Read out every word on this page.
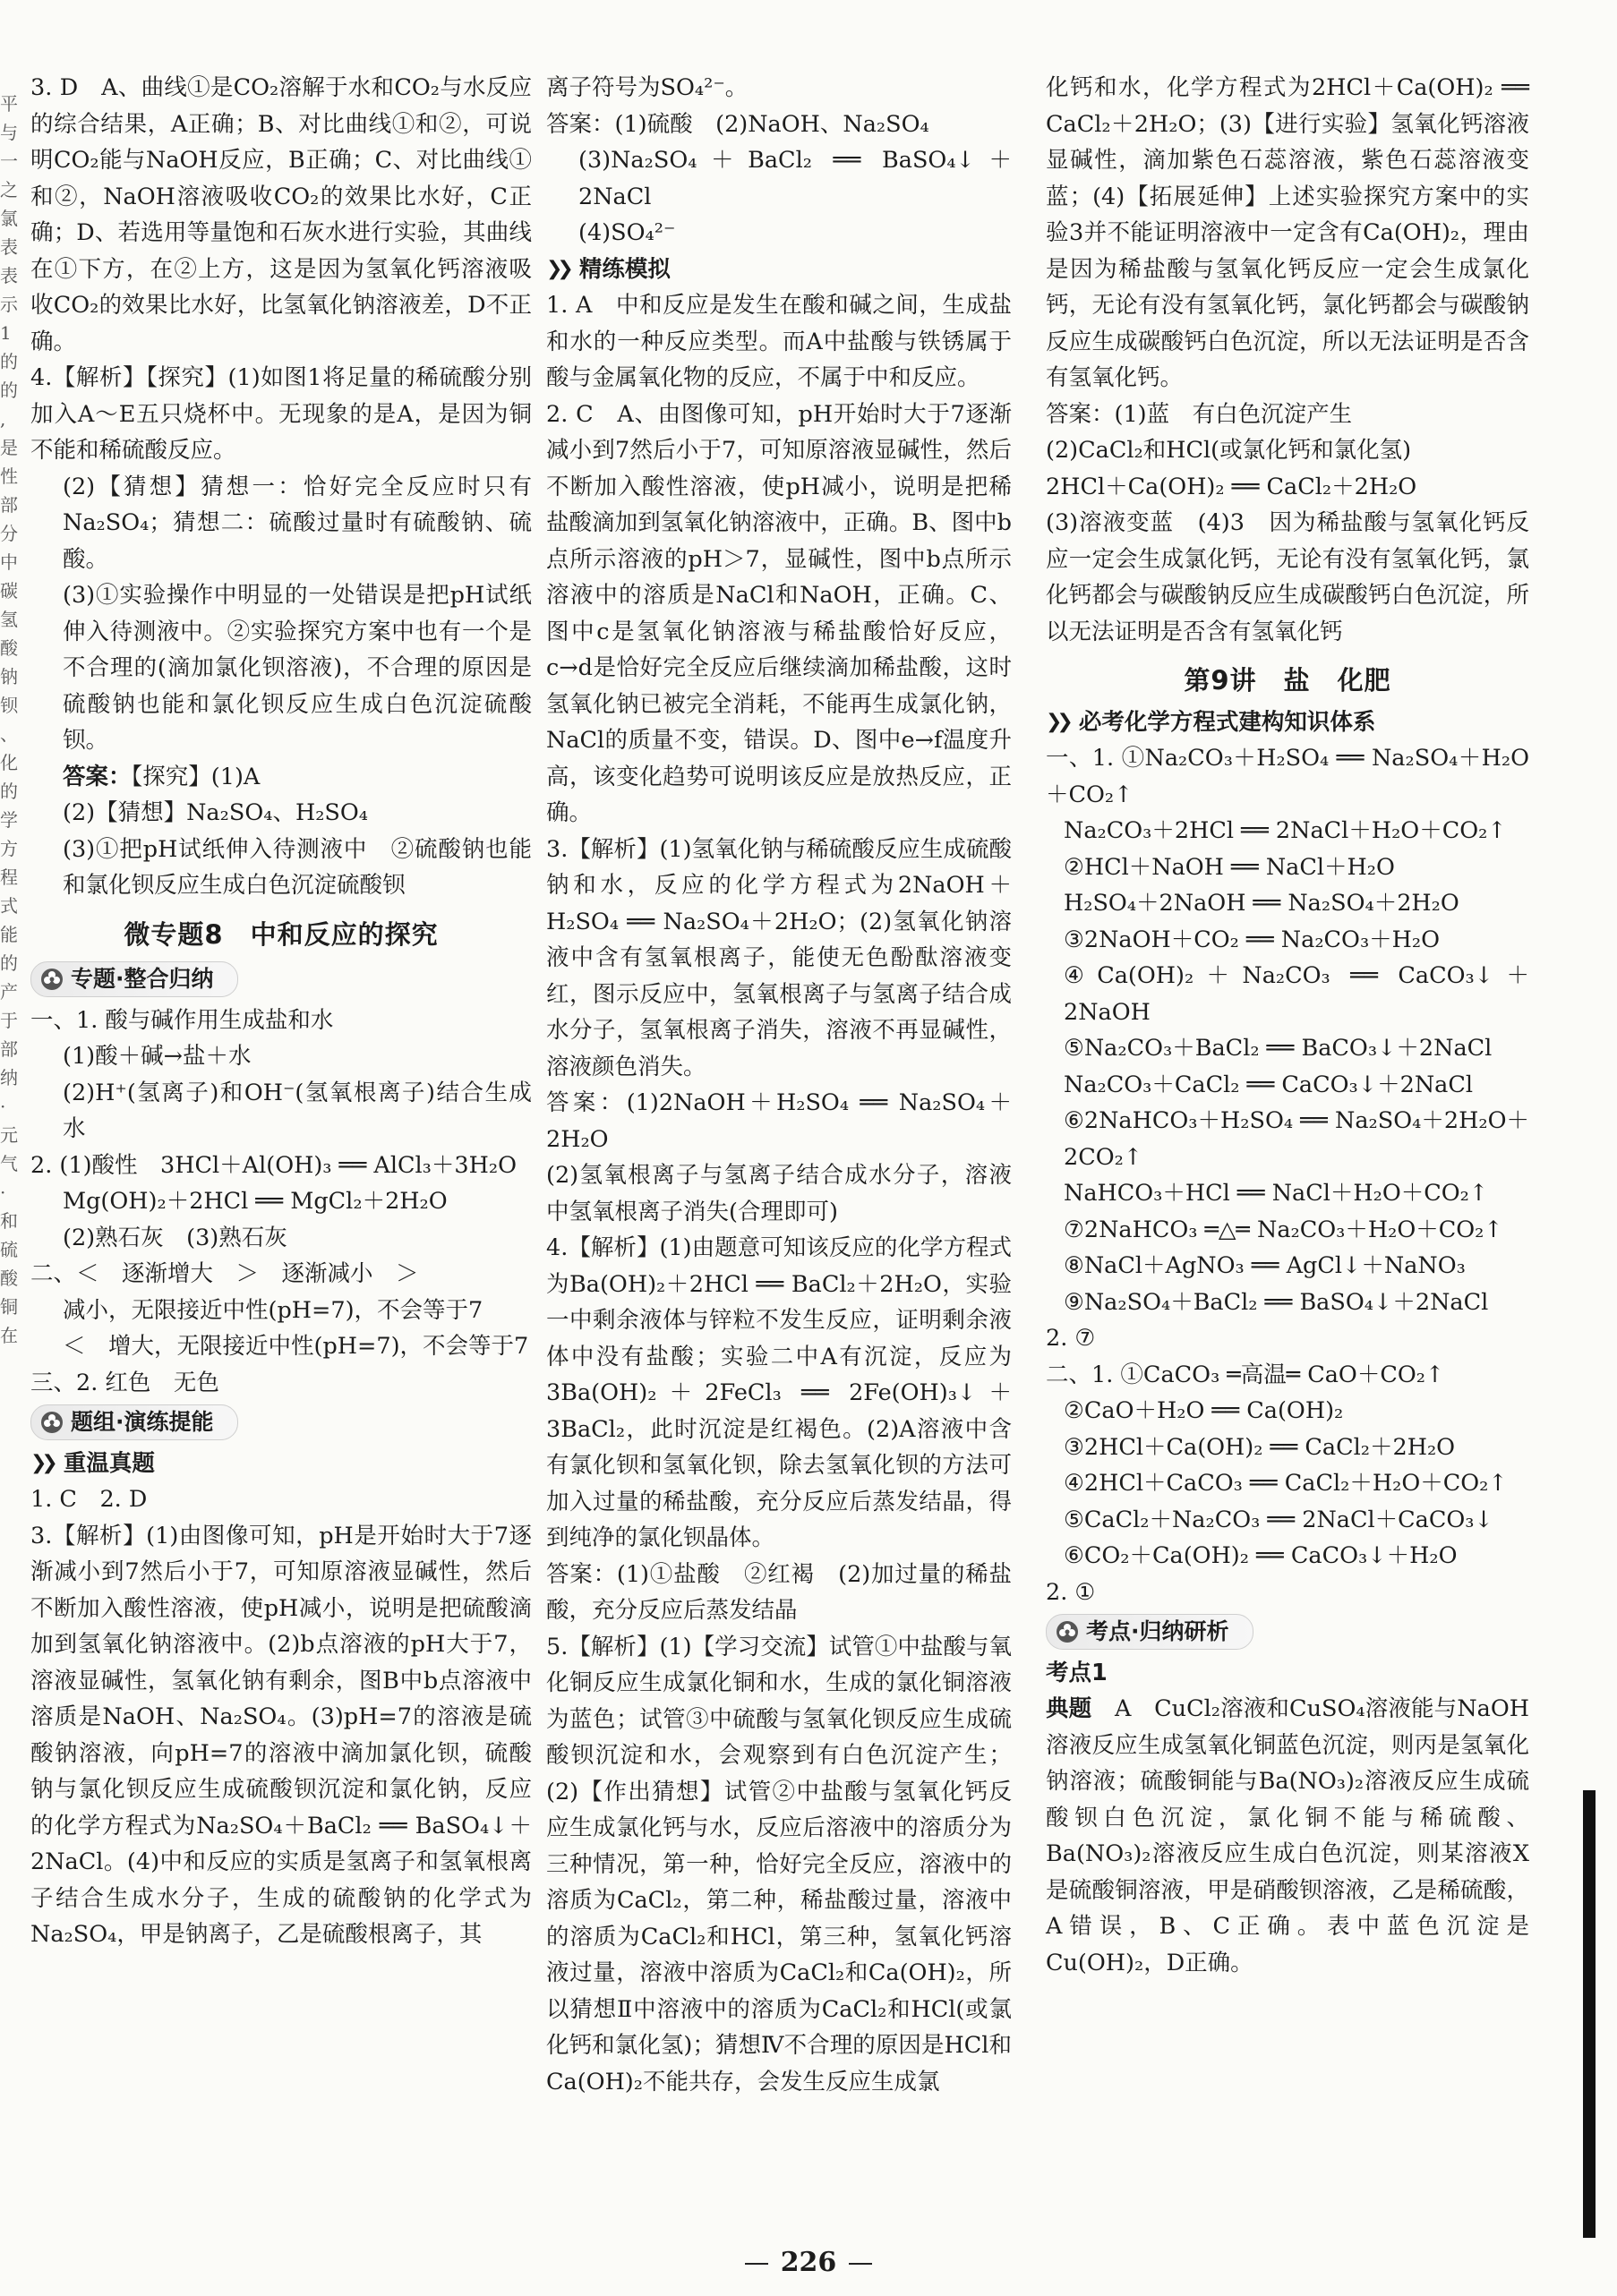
平 与 一 之 氯 表 表 示 1 的 的 , 是 性 部 分 中 碳 氢 酸 钠 钡 、 化 的 学 方 程 式 能 的 产 于 部 纳 · 元 气 · 和 硫 酸 铜 在

3. D　A、曲线①是CO₂溶解于水和CO₂与水反应的综合结果，A正确；B、对比曲线①和②，可说明CO₂能与NaOH反应，B正确；C、对比曲线①和②，NaOH溶液吸收CO₂的效果比水好，C正确；D、若选用等量饱和石灰水进行实验，其曲线在①下方，在②上方，这是因为氢氧化钙溶液吸收CO₂的效果比水好，比氢氧化钠溶液差，D不正确。

4.【解析】【探究】(1)如图1将足量的稀硫酸分别加入A～E五只烧杯中。无现象的是A，是因为铜不能和稀硫酸反应。

(2)【猜想】猜想一：恰好完全反应时只有Na₂SO₄；猜想二：硫酸过量时有硫酸钠、硫酸。

(3)①实验操作中明显的一处错误是把pH试纸伸入待测液中。②实验探究方案中也有一个是不合理的(滴加氯化钡溶液)，不合理的原因是硫酸钠也能和氯化钡反应生成白色沉淀硫酸钡。

答案：【探究】(1)A

(2)【猜想】Na₂SO₄、H₂SO₄

(3)①把pH试纸伸入待测液中　②硫酸钠也能和氯化钡反应生成白色沉淀硫酸钡

微专题8　中和反应的探究
专题·整合归纳

一、1. 酸与碱作用生成盐和水

(1)酸＋碱→盐＋水

(2)H⁺(氢离子)和OH⁻(氢氧根离子)结合生成水

2. (1)酸性　3HCl＋Al(OH)₃ ══ AlCl₃＋3H₂O

Mg(OH)₂＋2HCl ══ MgCl₂＋2H₂O

(2)熟石灰　(3)熟石灰

二、＜　逐渐增大　＞　逐渐减小　＞

减小，无限接近中性(pH=7)，不会等于7

＜　增大，无限接近中性(pH=7)，不会等于7

三、2. 红色　无色

题组·演练提能
❯❯ 重温真题

1. C　2. D

3.【解析】(1)由图像可知，pH是开始时大于7逐渐减小到7然后小于7，可知原溶液显碱性，然后不断加入酸性溶液，使pH减小，说明是把硫酸滴加到氢氧化钠溶液中。(2)b点溶液的pH大于7，溶液显碱性，氢氧化钠有剩余，图B中b点溶液中溶质是NaOH、Na₂SO₄。(3)pH=7的溶液是硫酸钠溶液，向pH=7的溶液中滴加氯化钡，硫酸钠与氯化钡反应生成硫酸钡沉淀和氯化钠，反应的化学方程式为Na₂SO₄＋BaCl₂ ══ BaSO₄↓＋2NaCl。(4)中和反应的实质是氢离子和氢氧根离子结合生成水分子，生成的硫酸钠的化学式为Na₂SO₄，甲是钠离子，乙是硫酸根离子，其

离子符号为SO₄²⁻。

答案：(1)硫酸　(2)NaOH、Na₂SO₄

(3)Na₂SO₄＋BaCl₂ ══ BaSO₄↓＋2NaCl

(4)SO₄²⁻

❯❯ 精练模拟

1. A　中和反应是发生在酸和碱之间，生成盐和水的一种反应类型。而A中盐酸与铁锈属于酸与金属氧化物的反应，不属于中和反应。

2. C　A、由图像可知，pH开始时大于7逐渐减小到7然后小于7，可知原溶液显碱性，然后不断加入酸性溶液，使pH减小，说明是把稀盐酸滴加到氢氧化钠溶液中，正确。B、图中b点所示溶液的pH＞7，显碱性，图中b点所示溶液中的溶质是NaCl和NaOH，正确。C、图中c是氢氧化钠溶液与稀盐酸恰好反应，c→d是恰好完全反应后继续滴加稀盐酸，这时氢氧化钠已被完全消耗，不能再生成氯化钠，NaCl的质量不变，错误。D、图中e→f温度升高，该变化趋势可说明该反应是放热反应，正确。

3.【解析】(1)氢氧化钠与稀硫酸反应生成硫酸钠和水，反应的化学方程式为2NaOH＋H₂SO₄ ══ Na₂SO₄＋2H₂O；(2)氢氧化钠溶液中含有氢氧根离子，能使无色酚酞溶液变红，图示反应中，氢氧根离子与氢离子结合成水分子，氢氧根离子消失，溶液不再显碱性，溶液颜色消失。

答案：(1)2NaOH＋H₂SO₄ ══ Na₂SO₄＋2H₂O

(2)氢氧根离子与氢离子结合成水分子，溶液中氢氧根离子消失(合理即可)

4.【解析】(1)由题意可知该反应的化学方程式为Ba(OH)₂＋2HCl ══ BaCl₂＋2H₂O，实验一中剩余液体与锌粒不发生反应，证明剩余液体中没有盐酸；实验二中A有沉淀，反应为3Ba(OH)₂＋2FeCl₃ ══ 2Fe(OH)₃↓＋3BaCl₂，此时沉淀是红褐色。(2)A溶液中含有氯化钡和氢氧化钡，除去氢氧化钡的方法可加入过量的稀盐酸，充分反应后蒸发结晶，得到纯净的氯化钡晶体。

答案：(1)①盐酸　②红褐　(2)加过量的稀盐酸，充分反应后蒸发结晶

5.【解析】(1)【学习交流】试管①中盐酸与氧化铜反应生成氯化铜和水，生成的氯化铜溶液为蓝色；试管③中硫酸与氢氧化钡反应生成硫酸钡沉淀和水，会观察到有白色沉淀产生；(2)【作出猜想】试管②中盐酸与氢氧化钙反应生成氯化钙与水，反应后溶液中的溶质分为三种情况，第一种，恰好完全反应，溶液中的溶质为CaCl₂，第二种，稀盐酸过量，溶液中的溶质为CaCl₂和HCl，第三种，氢氧化钙溶液过量，溶液中溶质为CaCl₂和Ca(OH)₂，所以猜想Ⅱ中溶液中的溶质为CaCl₂和HCl(或氯化钙和氯化氢)；猜想Ⅳ不合理的原因是HCl和Ca(OH)₂不能共存，会发生反应生成氯

化钙和水，化学方程式为2HCl＋Ca(OH)₂ ══ CaCl₂＋2H₂O；(3)【进行实验】氢氧化钙溶液显碱性，滴加紫色石蕊溶液，紫色石蕊溶液变蓝；(4)【拓展延伸】上述实验探究方案中的实验3并不能证明溶液中一定含有Ca(OH)₂，理由是因为稀盐酸与氢氧化钙反应一定会生成氯化钙，无论有没有氢氧化钙，氯化钙都会与碳酸钠反应生成碳酸钙白色沉淀，所以无法证明是否含有氢氧化钙。

答案：(1)蓝　有白色沉淀产生

(2)CaCl₂和HCl(或氯化钙和氯化氢)

2HCl＋Ca(OH)₂ ══ CaCl₂＋2H₂O

(3)溶液变蓝　(4)3　因为稀盐酸与氢氧化钙反应一定会生成氯化钙，无论有没有氢氧化钙，氯化钙都会与碳酸钠反应生成碳酸钙白色沉淀，所以无法证明是否含有氢氧化钙

第9讲　盐　化肥
❯❯ 必考化学方程式建构知识体系

一、1. ①Na₂CO₃＋H₂SO₄ ══ Na₂SO₄＋H₂O＋CO₂↑

Na₂CO₃＋2HCl ══ 2NaCl＋H₂O＋CO₂↑

②HCl＋NaOH ══ NaCl＋H₂O

H₂SO₄＋2NaOH ══ Na₂SO₄＋2H₂O

③2NaOH＋CO₂ ══ Na₂CO₃＋H₂O

④Ca(OH)₂＋Na₂CO₃ ══ CaCO₃↓＋2NaOH

⑤Na₂CO₃＋BaCl₂ ══ BaCO₃↓＋2NaCl

Na₂CO₃＋CaCl₂ ══ CaCO₃↓＋2NaCl

⑥2NaHCO₃＋H₂SO₄ ══ Na₂SO₄＋2H₂O＋2CO₂↑

NaHCO₃＋HCl ══ NaCl＋H₂O＋CO₂↑

⑦2NaHCO₃ ═△═ Na₂CO₃＋H₂O＋CO₂↑

⑧NaCl＋AgNO₃ ══ AgCl↓＋NaNO₃

⑨Na₂SO₄＋BaCl₂ ══ BaSO₄↓＋2NaCl

2. ⑦

二、1. ①CaCO₃ ═高温═ CaO＋CO₂↑

②CaO＋H₂O ══ Ca(OH)₂

③2HCl＋Ca(OH)₂ ══ CaCl₂＋2H₂O

④2HCl＋CaCO₃ ══ CaCl₂＋H₂O＋CO₂↑

⑤CaCl₂＋Na₂CO₃ ══ 2NaCl＋CaCO₃↓

⑥CO₂＋Ca(OH)₂ ══ CaCO₃↓＋H₂O

2. ①

考点·归纳研析

考点1

典题　 A　CuCl₂溶液和CuSO₄溶液能与NaOH溶液反应生成氢氧化铜蓝色沉淀，则丙是氢氧化钠溶液；硫酸铜能与Ba(NO₃)₂溶液反应生成硫酸钡白色沉淀，氯化铜不能与稀硫酸、Ba(NO₃)₂溶液反应生成白色沉淀，则某溶液X是硫酸铜溶液，甲是硝酸钡溶液，乙是稀硫酸，A错误，B、C正确。表中蓝色沉淀是Cu(OH)₂，D正确。

226
